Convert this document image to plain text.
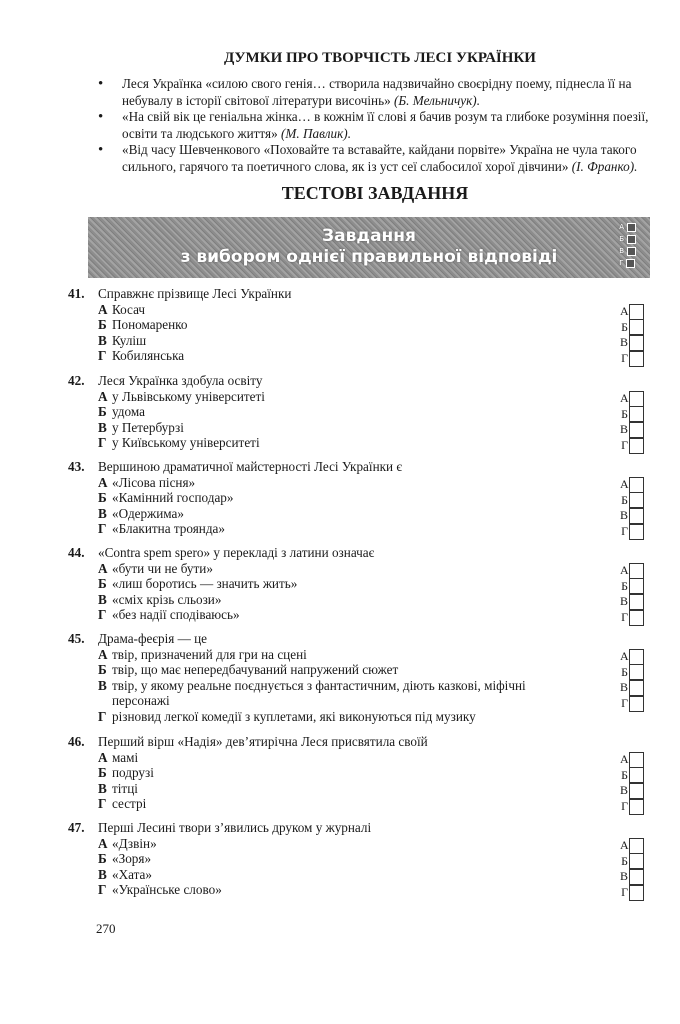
ДУМКИ ПРО ТВОРЧІСТЬ ЛЕСІ УКРАЇНКИ
• Леся Українка «силою свого генія… створила надзвичайно своєрідну поему, піднесла її на небувалу в історії світової літератури височінь» (Б. Мельничук).
• «На свій вік це геніальна жінка… в кожнім її слові я бачив розум та глибоке розуміння поезії, освіти та людського життя» (М. Павлик).
• «Від часу Шевченкового «Поховайте та вставайте, кайдани порвіте» Україна не чула такого сильного, гарячого та поетичного слова, як із уст сеї слабосилої хорої дівчини» (І. Франко).
ТЕСТОВІ ЗАВДАННЯ
Завдання
з вибором однієї правильної відповіді
А
Б
В
Г
41.	Справжнє прізвище Лесі Українки
А Косач
Б Пономаренко
В Куліш
Г Кобилянська
А
Б
В
Г
42.	Леся Українка здобула освіту
А у Львівському університеті
Б удома
В у Петербурзі
Г у Київському університеті
А
Б
В
Г
43.	Вершиною драматичної майстерності Лесі Українки є
А «Лісова пісня»
Б «Камінний господар»
В «Одержима»
Г «Блакитна троянда»
А
Б
В
Г
44.	«Contra spem spero» у перекладі з латини означає
А «бути чи не бути»
Б «лиш боротись — значить жить»
В «сміх крізь сльози»
Г «без надії сподіваюсь»
А
Б
В
Г
45.	Драма-феєрія — це
А твір, призначений для гри на сцені
Б твір, що має непередбачуваний напружений сюжет
В твір, у якому реальне поєднується з фантастичним, діють казкові, міфічні персонажі
Г різновид легкої комедії з куплетами, які виконуються під музику
А
Б
В
Г
46.	Перший вірш «Надія» дев’ятирічна Леся присвятила своїй
А мамі
Б подрузі
В тітці
Г сестрі
А
Б
В
Г
47.	Перші Лесині твори з’явились друком у журналі
А «Дзвін»
Б «Зоря»
В «Хата»
Г «Українське слово»
А
Б
В
Г
270
